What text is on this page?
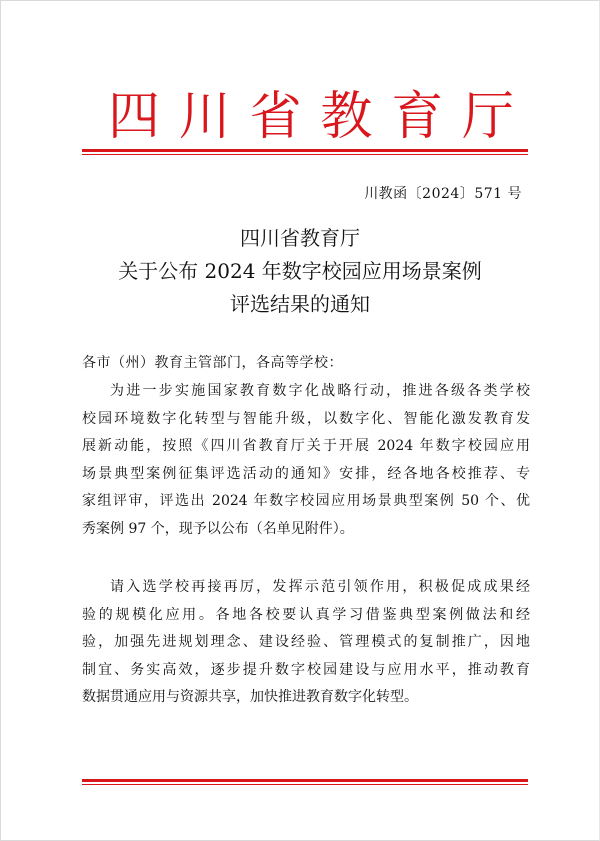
四 川 省 教 育 厅
川教函〔2024〕571 号
四川省教育厅
关于公布 2024 年数字校园应用场景案例
评选结果的通知
各市（州）教育主管部门，各高等学校：
为进一步实施国家教育数字化战略行动，推进各级各类学校
校园环境数字化转型与智能升级，以数字化、智能化激发教育发
展新动能，按照《四川省教育厅关于开展 2024 年数字校园应用
场景典型案例征集评选活动的通知》安排，经各地各校推荐、专
家组评审，评选出 2024 年数字校园应用场景典型案例 50 个、优
秀案例 97 个，现予以公布（名单见附件）。
请入选学校再接再厉，发挥示范引领作用，积极促成成果经
验的规模化应用。各地各校要认真学习借鉴典型案例做法和经
验，加强先进规划理念、建设经验、管理模式的复制推广，因地
制宜、务实高效，逐步提升数字校园建设与应用水平，推动教育
数据贯通应用与资源共享，加快推进教育数字化转型。
